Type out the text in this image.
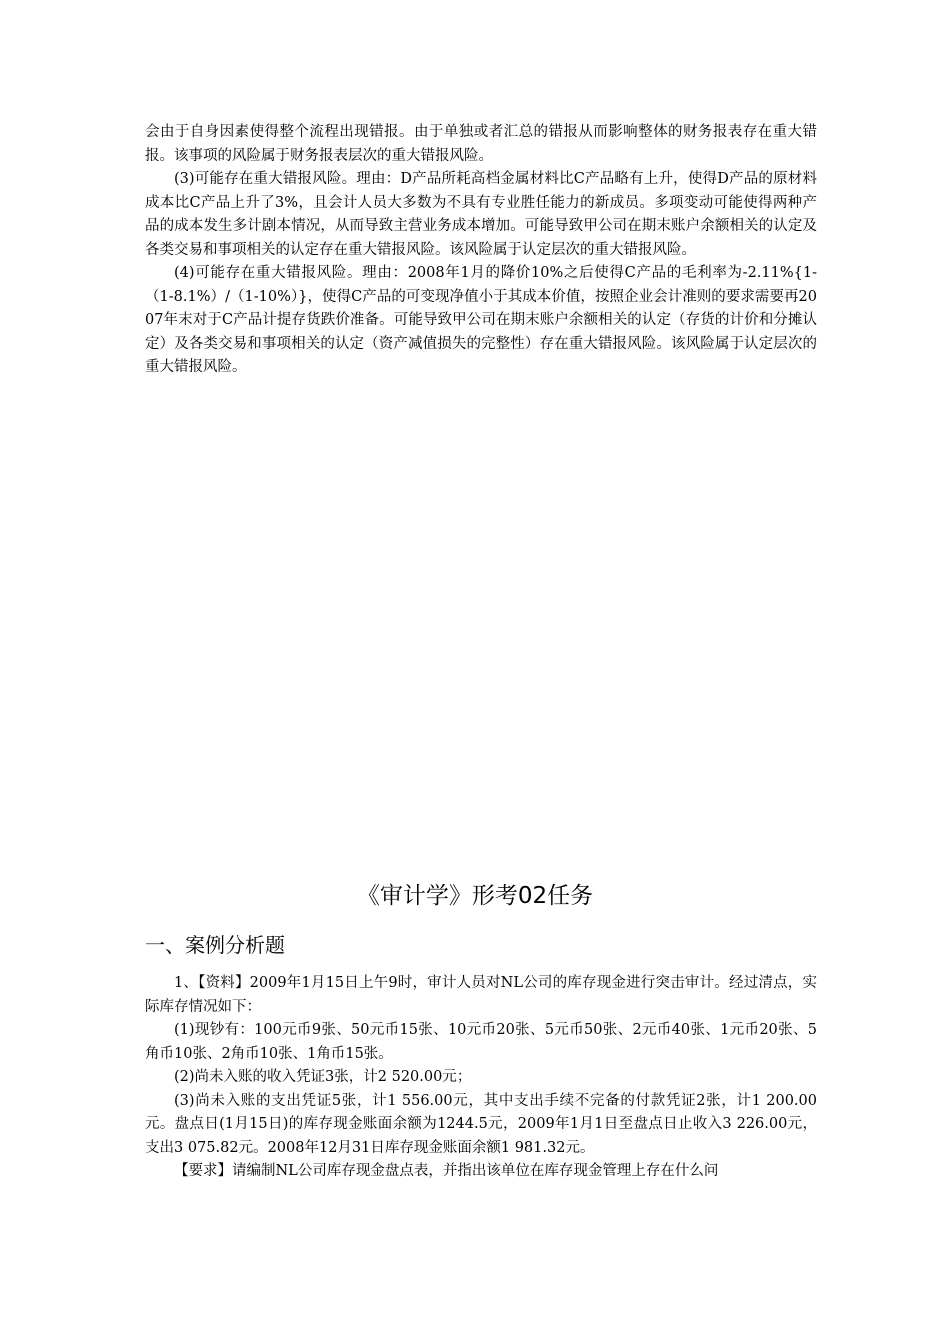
会由于自身因素使得整个流程出现错报。由于单独或者汇总的错报从而影响整体的财务报表存在重大错报。该事项的风险属于财务报表层次的重大错报风险。

(3)可能存在重大错报风险。理由：D产品所耗高档金属材料比C产品略有上升，使得D产品的原材料成本比C产品上升了3%，且会计人员大多数为不具有专业胜任能力的新成员。多项变动可能使得两种产品的成本发生多计剧本情况，从而导致主营业务成本增加。可能导致甲公司在期末账户余额相关的认定及各类交易和事项相关的认定存在重大错报风险。该风险属于认定层次的重大错报风险。

(4)可能存在重大错报风险。理由：2008年1月的降价10%之后使得C产品的毛利率为-2.11%{1-（1-8.1%）/（1-10%）}，使得C产品的可变现净值小于其成本价值，按照企业会计准则的要求需要再2007年末对于C产品计提存货跌价准备。可能导致甲公司在期末账户余额相关的认定（存货的计价和分摊认定）及各类交易和事项相关的认定（资产减值损失的完整性）存在重大错报风险。该风险属于认定层次的重大错报风险。

《审计学》形考02任务
一、案例分析题

1、【资料】2009年1月15日上午9时，审计人员对NL公司的库存现金进行突击审计。经过清点，实际库存情况如下：

(1)现钞有：100元币9张、50元币15张、10元币20张、5元币50张、2元币40张、1元币20张、5角币10张、2角币10张、1角币15张。

(2)尚未入账的收入凭证3张，计2 520.00元；

(3)尚未入账的支出凭证5张，计1 556.00元，其中支出手续不完备的付款凭证2张，计1 200.00元。盘点日(1月15日)的库存现金账面余额为1244.5元，2009年1月1日至盘点日止收入3 226.00元，支出3 075.82元。2008年12月31日库存现金账面余额1 981.32元。

【要求】请编制NL公司库存现金盘点表，并指出该单位在库存现金管理上存在什么问
